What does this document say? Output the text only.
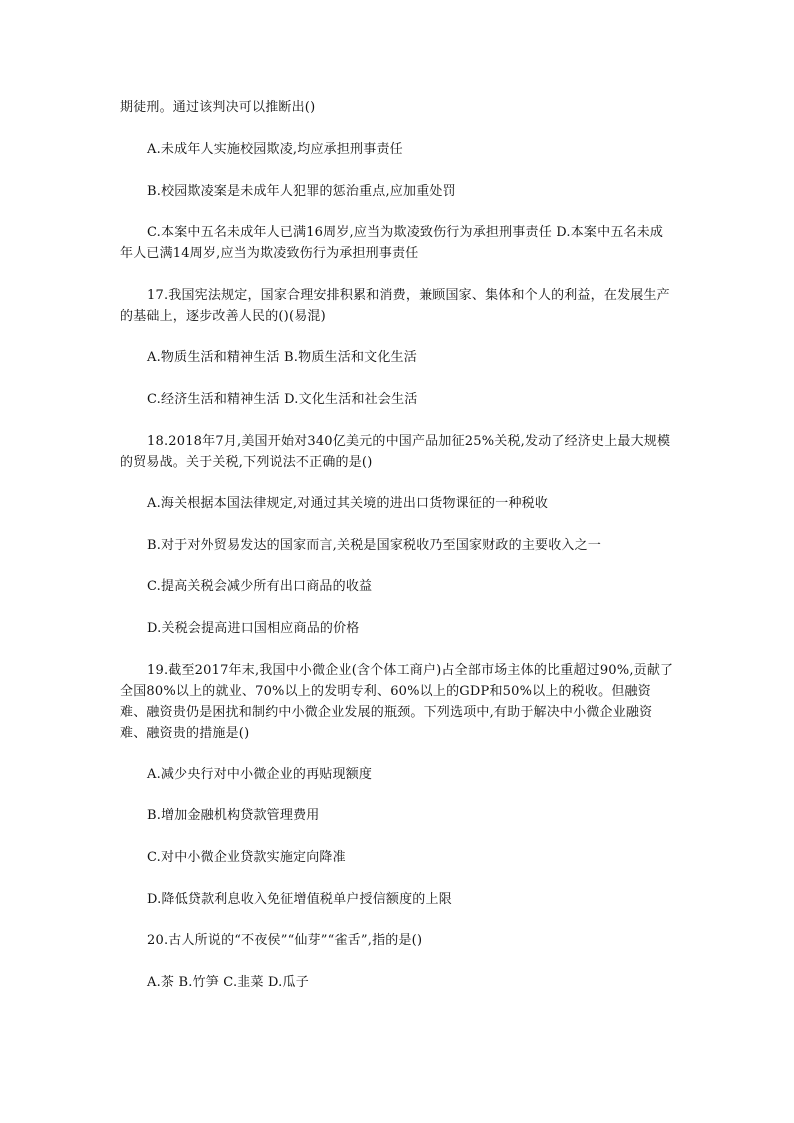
期徒刑。通过该判决可以推断出()
A.未成年人实施校园欺凌,均应承担刑事责任
B.校园欺凌案是未成年人犯罪的惩治重点,应加重处罚
C.本案中五名未成年人已满16周岁,应当为欺凌致伤行为承担刑事责任 D.本案中五名未成年人已满14周岁,应当为欺凌致伤行为承担刑事责任
17.我国宪法规定，国家合理安排积累和消费，兼顾国家、集体和个人的利益，在发展生产的基础上，逐步改善人民的()(易混)
A.物质生活和精神生活 B.物质生活和文化生活
C.经济生活和精神生活 D.文化生活和社会生活
18.2018年7月,美国开始对340亿美元的中国产品加征25%关税,发动了经济史上最大规模的贸易战。关于关税,下列说法不正确的是()
A.海关根据本国法律规定,对通过其关境的进出口货物课征的一种税收
B.对于对外贸易发达的国家而言,关税是国家税收乃至国家财政的主要收入之一
C.提高关税会减少所有出口商品的收益
D.关税会提高进口国相应商品的价格
19.截至2017年末,我国中小微企业(含个体工商户)占全部市场主体的比重超过90%,贡献了全国80%以上的就业、70%以上的发明专利、60%以上的GDP和50%以上的税收。但融资难、融资贵仍是困扰和制约中小微企业发展的瓶颈。下列选项中,有助于解决中小微企业融资难、融资贵的措施是()
A.减少央行对中小微企业的再贴现额度
B.增加金融机构贷款管理费用
C.对中小微企业贷款实施定向降准
D.降低贷款利息收入免征增值税单户授信额度的上限
20.古人所说的“不夜侯”“仙芽”“雀舌”,指的是()
A.茶 B.竹笋 C.韭菜 D.瓜子
